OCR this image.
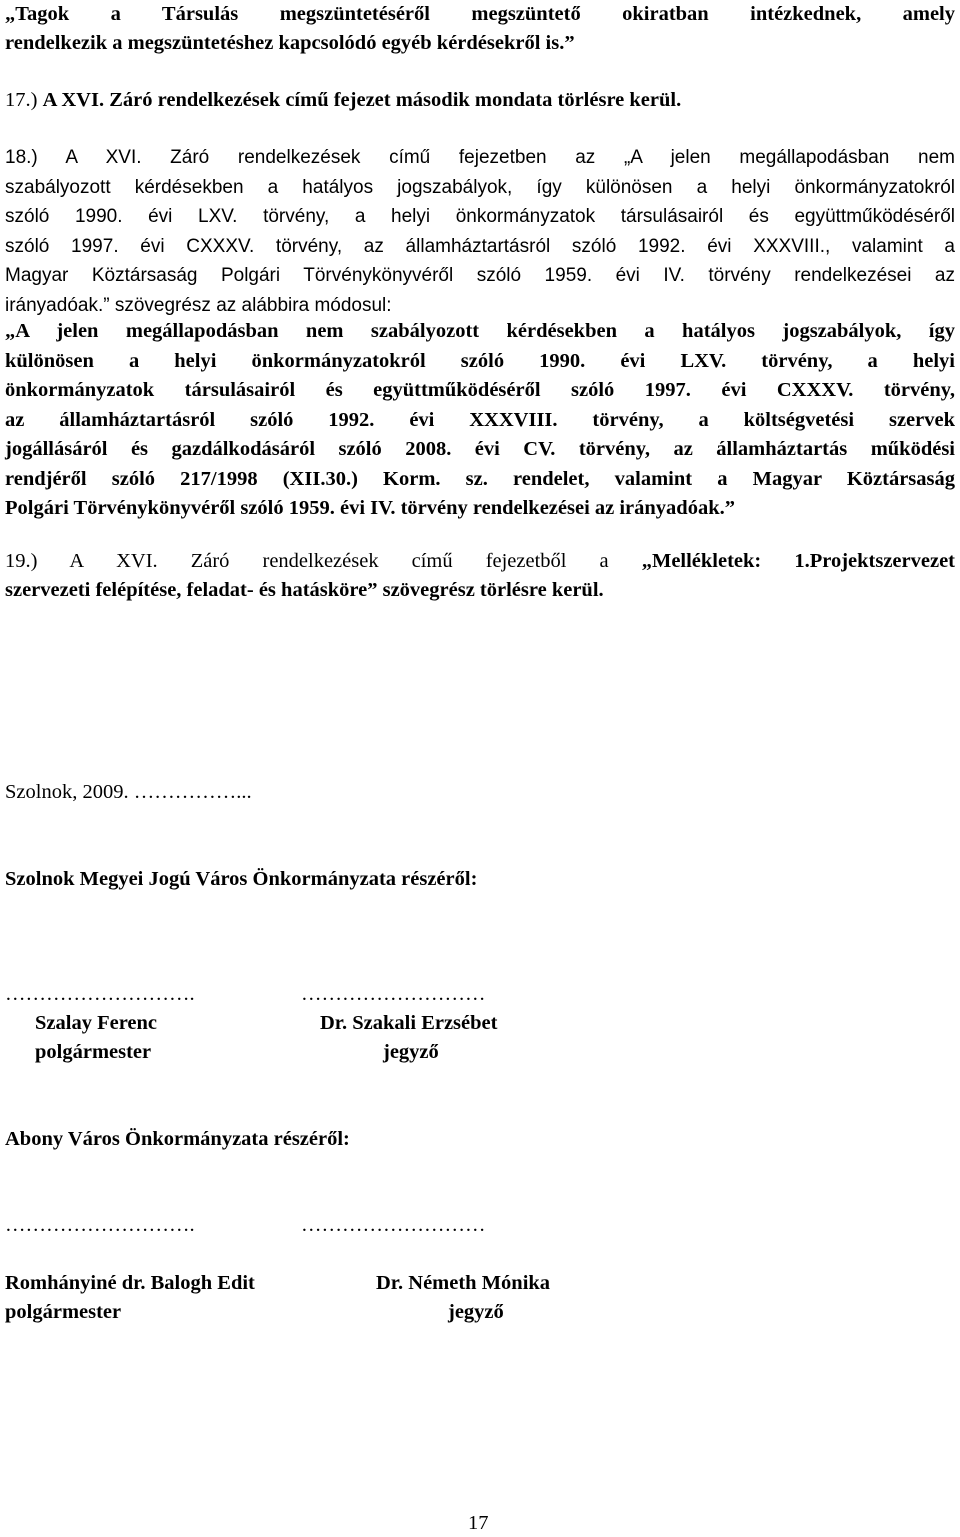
„Tagok a Társulás megszüntetéséről megszüntető okiratban intézkednek, amely
rendelkezik a megszüntetéshez kapcsolódó egyéb kérdésekről is.”
17.) A XVI. Záró rendelkezések című fejezet második mondata törlésre kerül.
18.) A XVI. Záró rendelkezések című fejezetben az „A jelen megállapodásban nem
szabályozott kérdésekben a hatályos jogszabályok, így különösen a helyi önkormányzatokról
szóló 1990. évi LXV. törvény, a helyi önkormányzatok társulásairól és együttműködéséről
szóló 1997. évi CXXXV. törvény, az államháztartásról szóló 1992. évi XXXVIII., valamint a
Magyar Köztársaság Polgári Törvénykönyvéről szóló 1959. évi IV. törvény rendelkezései az
irányadóak.” szövegrész az alábbira módosul:
„A jelen megállapodásban nem szabályozott kérdésekben a hatályos jogszabályok, így
különösen a helyi önkormányzatokról szóló 1990. évi LXV. törvény, a helyi
önkormányzatok társulásairól és együttműködéséről szóló 1997. évi CXXXV. törvény,
az államháztartásról szóló 1992. évi XXXVIII. törvény, a költségvetési szervek
jogállásáról és gazdálkodásáról szóló 2008. évi CV. törvény, az államháztartás működési
rendjéről szóló 217/1998 (XII.30.) Korm. sz. rendelet, valamint a Magyar Köztársaság
Polgári Törvénykönyvéről szóló 1959. évi IV. törvény rendelkezései az irányadóak.”
19.) A XVI. Záró rendelkezések című fejezetből a „Mellékletek: 1.Projektszervezet
szervezeti felépítése, feladat- és hatásköre” szövegrész törlésre kerül.
Szolnok, 2009. ……………...
Szolnok Megyei Jogú Város Önkormányzata részéről:
……………………….	………………………
Szalay Ferenc
polgármester
Dr. Szakali Erzsébet
jegyző
Abony Város Önkormányzata részéről:
……………………….	………………………
Romhányiné dr. Balogh Edit
polgármester
Dr. Németh Mónika
jegyző
17
